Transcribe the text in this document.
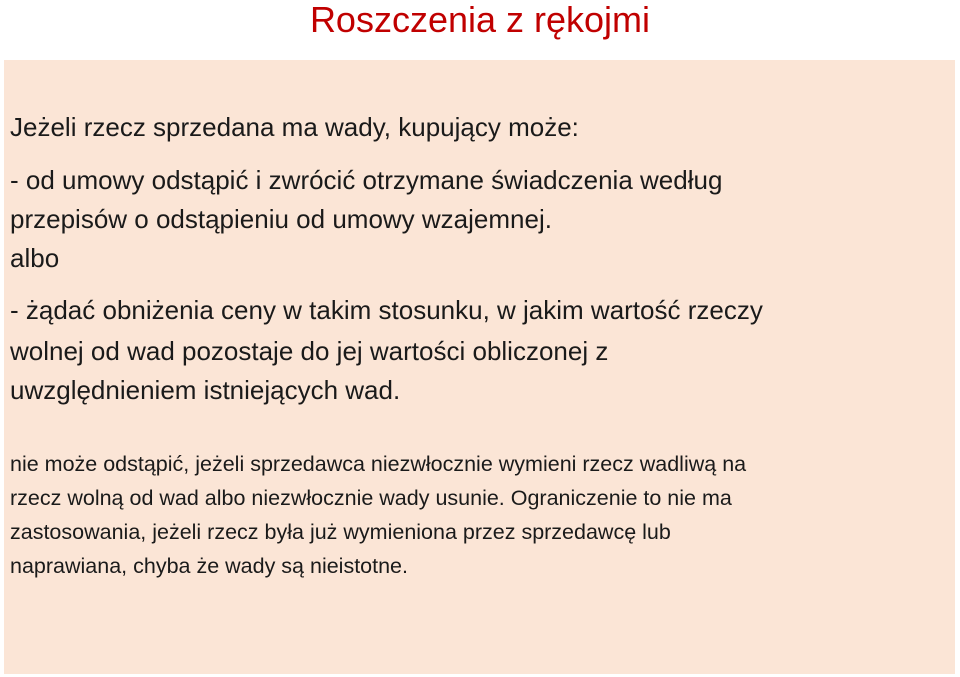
Roszczenia z rękojmi

Jeżeli rzecz sprzedana ma wady, kupujący może:

- od umowy odstąpić i zwrócić otrzymane świadczenia według

przepisów o odstąpieniu od umowy wzajemnej.

albo

- żądać obniżenia ceny w takim stosunku, w jakim wartość rzeczy

wolnej od wad pozostaje do jej wartości obliczonej z

uwzględnieniem istniejących wad.

nie może odstąpić, jeżeli sprzedawca niezwłocznie wymieni rzecz wadliwą na

rzecz wolną od wad albo niezwłocznie wady usunie. Ograniczenie to nie ma

zastosowania, jeżeli rzecz była już wymieniona przez sprzedawcę lub

naprawiana, chyba że wady są nieistotne.
